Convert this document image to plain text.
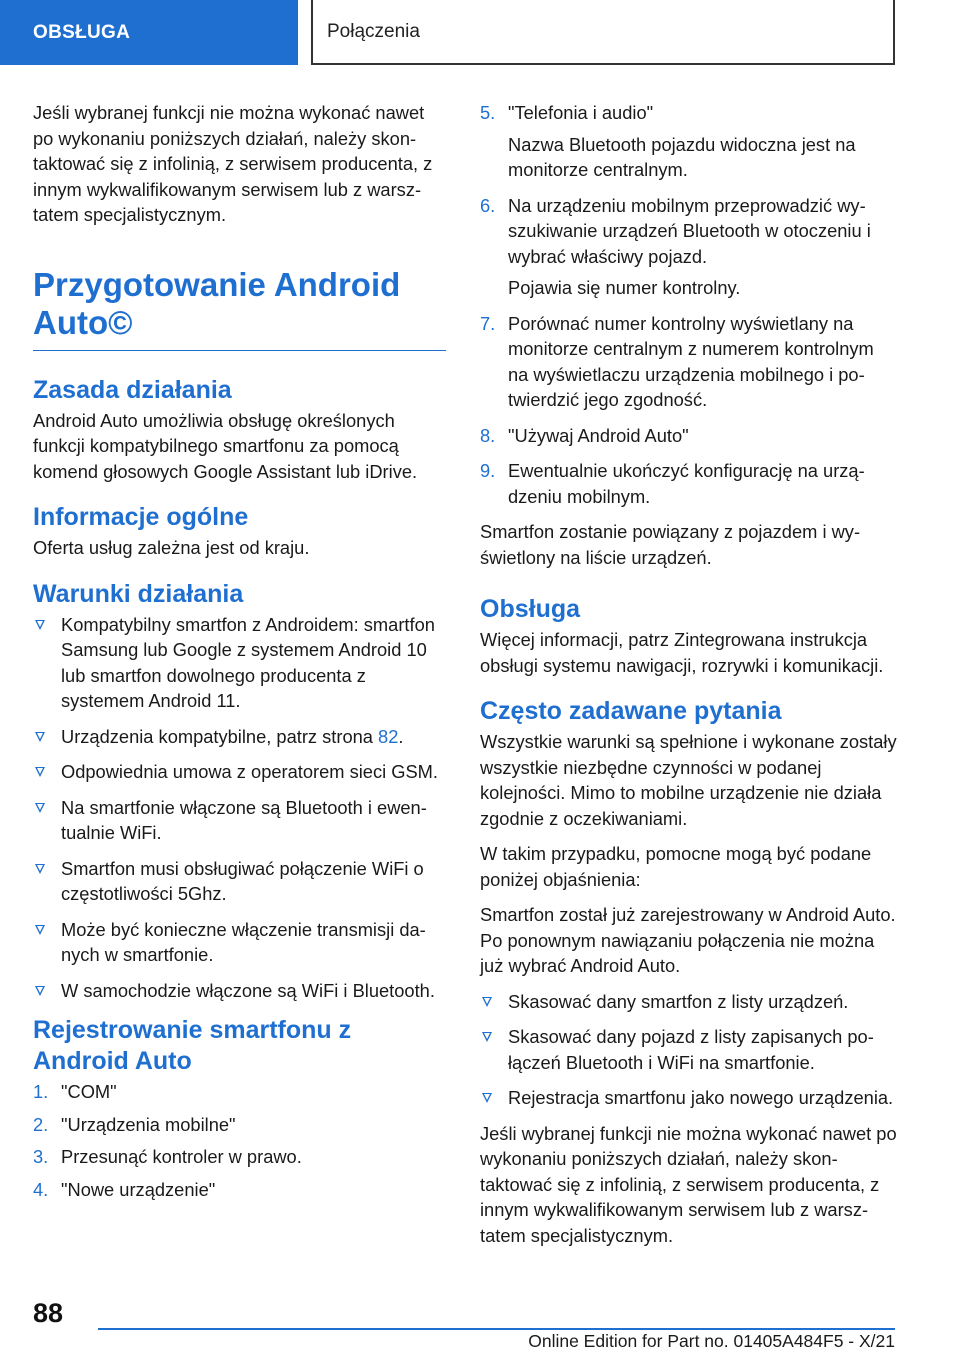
OBSŁUGA	Połączenia

Jeśli wybranej funkcji nie można wykonać nawet po wykonaniu poniższych działań, należy skontaktować się z infolinią, z serwisem producenta, z innym wykwalifikowanym serwisem lub z warsztatem specjalistycznym.

Przygotowanie Android Auto©
Zasada działania

Android Auto umożliwia obsługę określonych funkcji kompatybilnego smartfonu za pomocą komend głosowych Google Assistant lub iDrive.

Informacje ogólne

Oferta usług zależna jest od kraju.

Warunki działania
Kompatybilny smartfon z Androidem: smartfon Samsung lub Google z systemem Android 10 lub smartfon dowolnego producenta z systemem Android 11.
Urządzenia kompatybilne, patrz strona 82.
Odpowiednia umowa z operatorem sieci GSM.
Na smartfonie włączone są Bluetooth i ewentualnie WiFi.
Smartfon musi obsługiwać połączenie WiFi o częstotliwości 5Ghz.
Może być konieczne włączenie transmisji danych w smartfonie.
W samochodzie włączone są WiFi i Bluetooth.
Rejestrowanie smartfonu z Android Auto
1. "COM"
2. "Urządzenia mobilne"
3. Przesunąć kontroler w prawo.
4. "Nowe urządzenie"
5. "Telefonia i audio"
Nazwa Bluetooth pojazdu widoczna jest na monitorze centralnym.
6. Na urządzeniu mobilnym przeprowadzić wyszukiwanie urządzeń Bluetooth w otoczeniu i wybrać właściwy pojazd.
Pojawia się numer kontrolny.
7. Porównać numer kontrolny wyświetlany na monitorze centralnym z numerem kontrolnym na wyświetlaczu urządzenia mobilnego i potwierdzić jego zgodność.
8. "Używaj Android Auto"
9. Ewentualnie ukończyć konfigurację na urządzeniu mobilnym.

Smartfon zostanie powiązany z pojazdem i wyświetlony na liście urządzeń.

Obsługa

Więcej informacji, patrz Zintegrowana instrukcja obsługi systemu nawigacji, rozrywki i komunikacji.

Często zadawane pytania

Wszystkie warunki są spełnione i wykonane zostały wszystkie niezbędne czynności w podanej kolejności. Mimo to mobilne urządzenie nie działa zgodnie z oczekiwaniami.

W takim przypadku, pomocne mogą być podane poniżej objaśnienia:

Smartfon został już zarejestrowany w Android Auto. Po ponownym nawiązaniu połączenia nie można już wybrać Android Auto.

Skasować dany smartfon z listy urządzeń.
Skasować dany pojazd z listy zapisanych połączeń Bluetooth i WiFi na smartfonie.
Rejestracja smartfonu jako nowego urządzenia.

Jeśli wybranej funkcji nie można wykonać nawet po wykonaniu poniższych działań, należy skontaktować się z infolinią, z serwisem producenta, z innym wykwalifikowanym serwisem lub z warsztatem specjalistycznym.

88
Online Edition for Part no. 01405A484F5 - X/21
